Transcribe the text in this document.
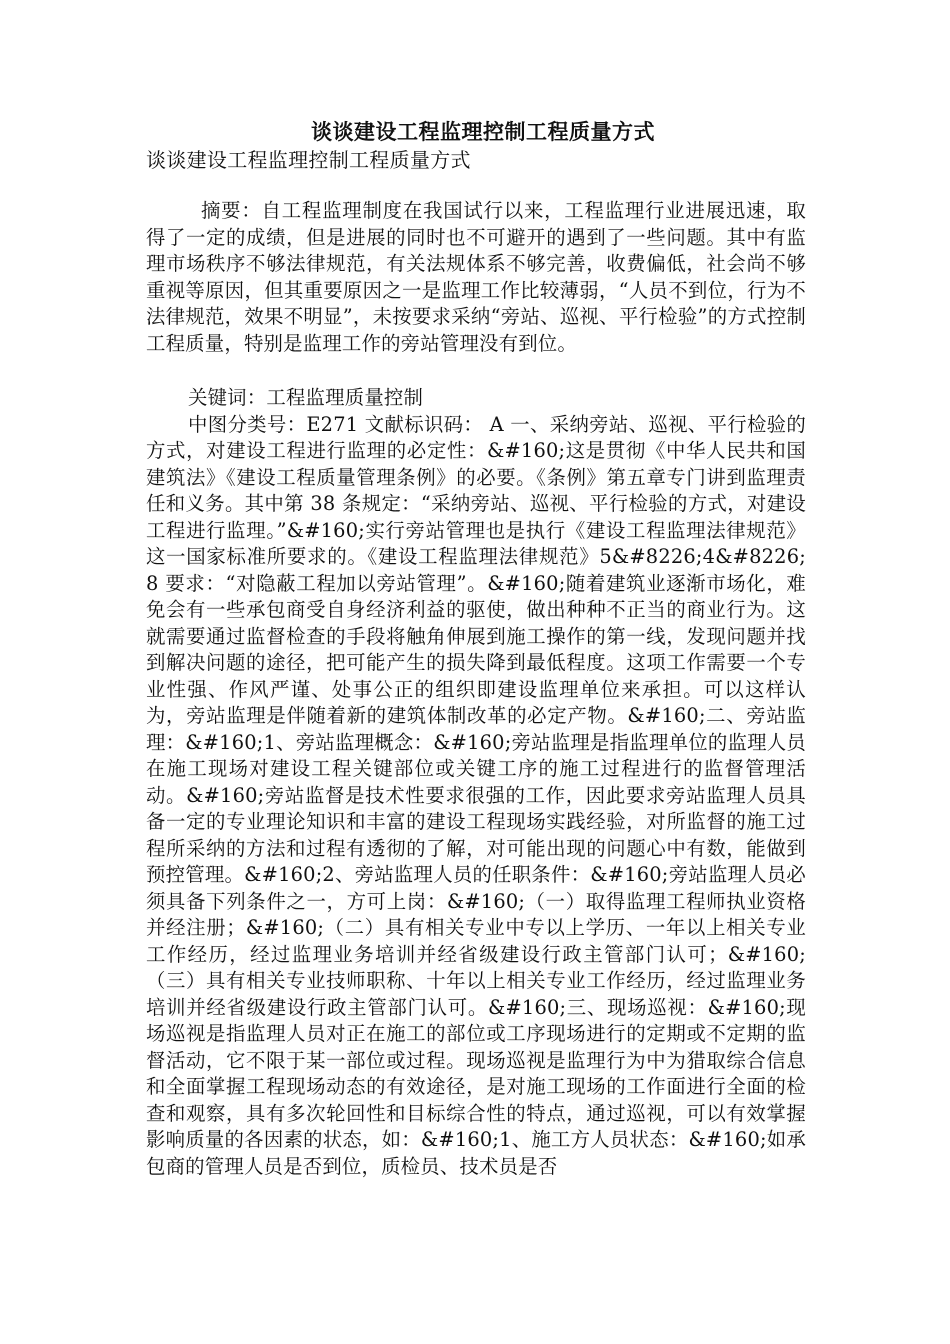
谈谈建设工程监理控制工程质量方式

谈谈建设工程监理控制工程质量方式

摘要：自工程监理制度在我国试行以来，工程监理行业进展迅速，取得了一定的成绩，但是进展的同时也不可避开的遇到了一些问题。其中有监理市场秩序不够法律规范，有关法规体系不够完善，收费偏低，社会尚不够重视等原因，但其重要原因之一是监理工作比较薄弱，“人员不到位，行为不法律规范，效果不明显”，未按要求采纳“旁站、巡视、平行检验”的方式控制工程质量，特别是监理工作的旁站管理没有到位。

关键词：工程监理质量控制

中图分类号：E271 文献标识码： A 一、采纳旁站、巡视、平行检验的方式，对建设工程进行监理的必定性：&#160;这是贯彻《中华人民共和国建筑法》《建设工程质量管理条例》的必要。《条例》第五章专门讲到监理责任和义务。其中第 38 条规定：“采纳旁站、巡视、平行检验的方式，对建设工程进行监理。”&#160;实行旁站管理也是执行《建设工程监理法律规范》这一国家标准所要求的。《建设工程监理法律规范》5&#8226;4&#8226;8 要求：“对隐蔽工程加以旁站管理”。&#160;随着建筑业逐渐市场化，难免会有一些承包商受自身经济利益的驱使，做出种种不正当的商业行为。这就需要通过监督检查的手段将触角伸展到施工操作的第一线，发现问题并找到解决问题的途径，把可能产生的损失降到最低程度。这项工作需要一个专业性强、作风严谨、处事公正的组织即建设监理单位来承担。可以这样认为，旁站监理是伴随着新的建筑体制改革的必定产物。&#160;二、旁站监理：&#160;1、旁站监理概念：&#160;旁站监理是指监理单位的监理人员在施工现场对建设工程关键部位或关键工序的施工过程进行的监督管理活动。&#160;旁站监督是技术性要求很强的工作，因此要求旁站监理人员具备一定的专业理论知识和丰富的建设工程现场实践经验，对所监督的施工过程所采纳的方法和过程有透彻的了解，对可能出现的问题心中有数，能做到预控管理。&#160;2、旁站监理人员的任职条件：&#160;旁站监理人员必须具备下列条件之一，方可上岗：&#160;（一）取得监理工程师执业资格并经注册；&#160;（二）具有相关专业中专以上学历、一年以上相关专业工作经历，经过监理业务培训并经省级建设行政主管部门认可；&#160;（三）具有相关专业技师职称、十年以上相关专业工作经历，经过监理业务培训并经省级建设行政主管部门认可。&#160;三、现场巡视：&#160;现场巡视是指监理人员对正在施工的部位或工序现场进行的定期或不定期的监督活动，它不限于某一部位或过程。现场巡视是监理行为中为猎取综合信息和全面掌握工程现场动态的有效途径，是对施工现场的工作面进行全面的检查和观察，具有多次轮回性和目标综合性的特点，通过巡视，可以有效掌握影响质量的各因素的状态，如：&#160;1、施工方人员状态：&#160;如承包商的管理人员是否到位，质检员、技术员是否
